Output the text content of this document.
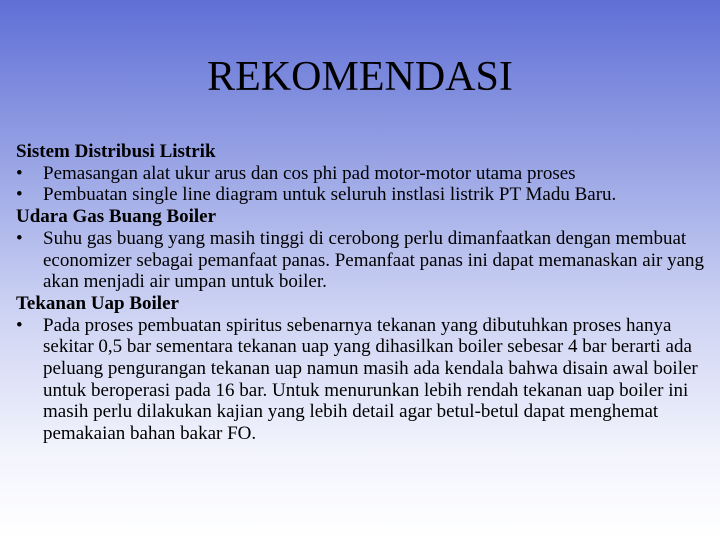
REKOMENDASI

Sistem Distribusi Listrik

• Pemasangan alat ukur arus dan cos phi pad motor-motor utama proses
• Pembuatan single line diagram untuk seluruh instlasi listrik PT Madu Baru.

Udara Gas Buang Boiler

• Suhu gas buang yang masih tinggi di cerobong perlu dimanfaatkan dengan membuat economizer sebagai pemanfaat panas. Pemanfaat panas ini dapat memanaskan air yang akan menjadi air umpan untuk boiler.

Tekanan Uap Boiler

• Pada proses pembuatan spiritus sebenarnya tekanan yang dibutuhkan proses hanya sekitar 0,5 bar sementara tekanan uap yang dihasilkan boiler sebesar 4 bar berarti ada peluang pengurangan tekanan uap namun masih ada kendala bahwa disain awal boiler untuk beroperasi pada 16 bar. Untuk menurunkan lebih rendah tekanan uap boiler ini masih perlu dilakukan kajian yang lebih detail agar betul-betul dapat menghemat pemakaian bahan bakar FO.
